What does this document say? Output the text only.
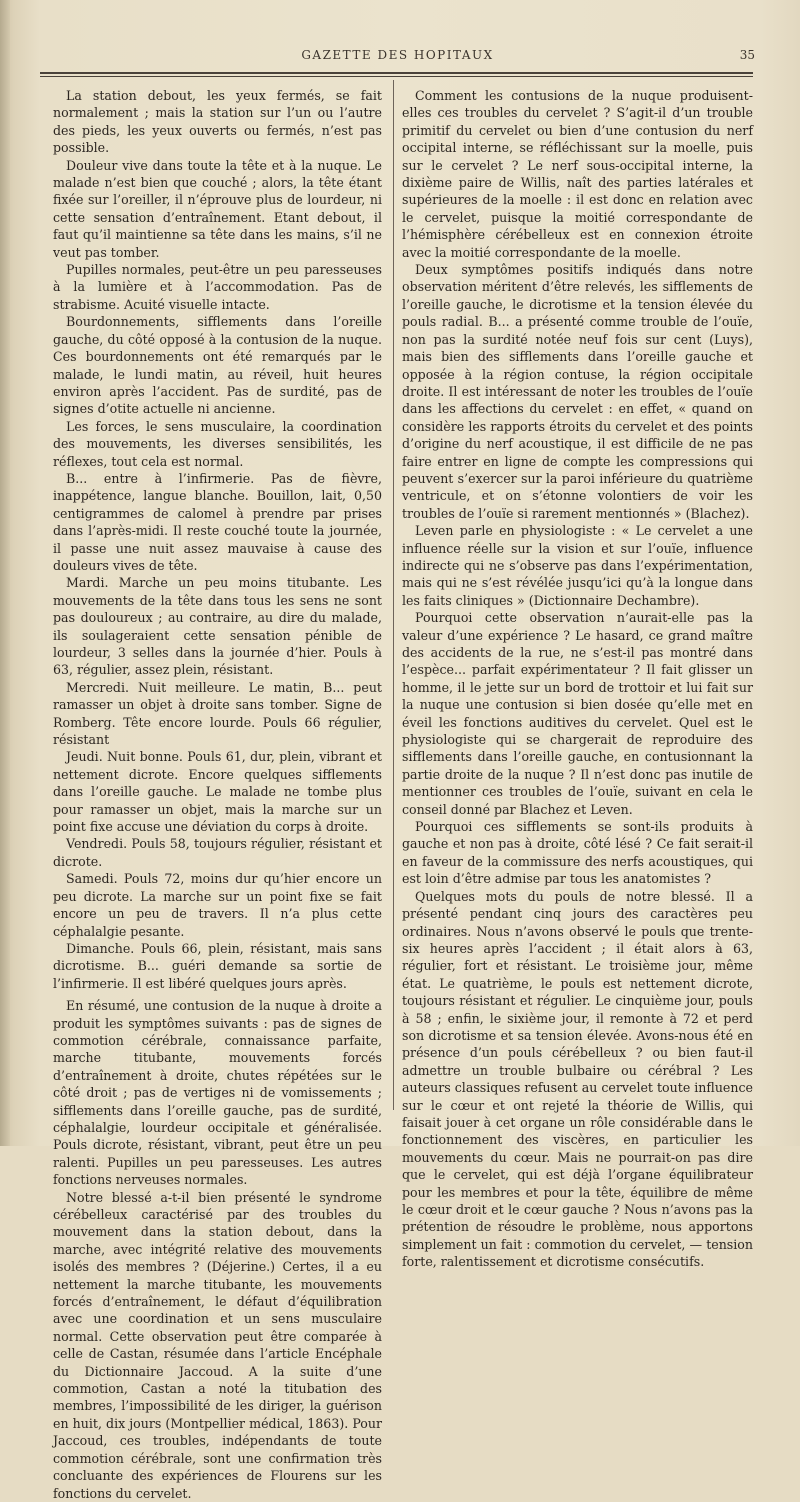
GAZETTE DES HOPITAUX	35

La station debout, les yeux fermés, se fait normalement ; mais la station sur l’un ou l’autre des pieds, les yeux ouverts ou fermés, n’est pas possible.

Douleur vive dans toute la tête et à la nuque. Le malade n’est bien que couché ; alors, la tête étant fixée sur l’oreiller, il n’éprouve plus de lourdeur, ni cette sensation d’entraînement. Etant debout, il faut qu’il maintienne sa tête dans les mains, s’il ne veut pas tomber.

Pupilles normales, peut-être un peu paresseuses à la lumière et à l’accommodation. Pas de strabisme. Acuité visuelle intacte.

Bourdonnements, sifflements dans l’oreille gauche, du côté opposé à la contusion de la nuque. Ces bourdonnements ont été remarqués par le malade, le lundi matin, au réveil, huit heures environ après l’accident. Pas de surdité, pas de signes d’otite actuelle ni ancienne.

Les forces, le sens musculaire, la coordination des mouvements, les diverses sensibilités, les réflexes, tout cela est normal.

B... entre à l’infirmerie. Pas de fièvre, inappétence, langue blanche. Bouillon, lait, 0,50 centigrammes de calomel à prendre par prises dans l’après-midi. Il reste couché toute la journée, il passe une nuit assez mauvaise à cause des douleurs vives de tête.

Mardi. Marche un peu moins titubante. Les mouvements de la tête dans tous les sens ne sont pas douloureux ; au contraire, au dire du malade, ils soulageraient cette sensation pénible de lourdeur, 3 selles dans la journée d’hier. Pouls à 63, régulier, assez plein, résistant.

Mercredi. Nuit meilleure. Le matin, B... peut ramasser un objet à droite sans tomber. Signe de Romberg. Tête encore lourde. Pouls 66 régulier, résistant

Jeudi. Nuit bonne. Pouls 61, dur, plein, vibrant et nettement dicrote. Encore quelques sifflements dans l’oreille gauche. Le malade ne tombe plus pour ramasser un objet, mais la marche sur un point fixe accuse une déviation du corps à droite.

Vendredi. Pouls 58, toujours régulier, résistant et dicrote.

Samedi. Pouls 72, moins dur qu’hier encore un peu dicrote. La marche sur un point fixe se fait encore un peu de travers. Il n’a plus cette céphalalgie pesante.

Dimanche. Pouls 66, plein, résistant, mais sans dicrotisme. B... guéri demande sa sortie de l’infirmerie. Il est libéré quelques jours après.

En résumé, une contusion de la nuque à droite a produit les symptômes suivants : pas de signes de commotion cérébrale, connaissance parfaite, marche titubante, mouvements forcés d’entraînement à droite, chutes répétées sur le côté droit ; pas de vertiges ni de vomissements ; sifflements dans l’oreille gauche, pas de surdité, céphalalgie, lourdeur occipitale et généralisée. Pouls dicrote, résistant, vibrant, peut être un peu ralenti. Pupilles un peu paresseuses. Les autres fonctions nerveuses normales.

Notre blessé a-t-il bien présenté le syndrome cérébelleux caractérisé par des troubles du mouvement dans la station debout, dans la marche, avec intégrité relative des mouvements isolés des membres ? (Déjerine.) Certes, il a eu nettement la marche titubante, les mouvements forcés d’entraînement, le défaut d’équilibration avec une coordination et un sens musculaire normal. Cette observation peut être comparée à celle de Castan, résumée dans l’article Encéphale du Dictionnaire Jaccoud. A la suite d’une commotion, Castan a noté la titubation des membres, l’impossibilité de les diriger, la guérison en huit, dix jours (Montpellier médical, 1863). Pour Jaccoud, ces troubles, indépendants de toute commotion cérébrale, sont une confirmation très concluante des expériences de Flourens sur les fonctions du cervelet.

Comment les contusions de la nuque produisent-elles ces troubles du cervelet ? S’agit-il d’un trouble primitif du cervelet ou bien d’une contusion du nerf occipital interne, se réfléchissant sur la moelle, puis sur le cervelet ? Le nerf sous-occipital interne, la dixième paire de Willis, naît des parties latérales et supérieures de la moelle : il est donc en relation avec le cervelet, puisque la moitié correspondante de l’hémisphère cérébelleux est en connexion étroite avec la moitié correspondante de la moelle.

Deux symptômes positifs indiqués dans notre observation méritent d’être relevés, les sifflements de l’oreille gauche, le dicrotisme et la tension élevée du pouls radial. B... a présenté comme trouble de l’ouïe, non pas la surdité notée neuf fois sur cent (Luys), mais bien des sifflements dans l’oreille gauche et opposée à la région contuse, la région occipitale droite. Il est intéressant de noter les troubles de l’ouïe dans les affections du cervelet : en effet, « quand on considère les rapports étroits du cervelet et des points d’origine du nerf acoustique, il est difficile de ne pas faire entrer en ligne de compte les compressions qui peuvent s’exercer sur la paroi inférieure du quatrième ventricule, et on s’étonne volontiers de voir les troubles de l’ouïe si rarement mentionnés » (Blachez).

Leven parle en physiologiste : « Le cervelet a une influence réelle sur la vision et sur l’ouïe, influence indirecte qui ne s’observe pas dans l’expérimentation, mais qui ne s’est révélée jusqu’ici qu’à la longue dans les faits cliniques » (Dictionnaire Dechambre).

Pourquoi cette observation n’aurait-elle pas la valeur d’une expérience ? Le hasard, ce grand maître des accidents de la rue, ne s’est-il pas montré dans l’espèce... parfait expérimentateur ? Il fait glisser un homme, il le jette sur un bord de trottoir et lui fait sur la nuque une contusion si bien dosée qu’elle met en éveil les fonctions auditives du cervelet. Quel est le physiologiste qui se chargerait de reproduire des sifflements dans l’oreille gauche, en contusionnant la partie droite de la nuque ? Il n’est donc pas inutile de mentionner ces troubles de l’ouïe, suivant en cela le conseil donné par Blachez et Leven.

Pourquoi ces sifflements se sont-ils produits à gauche et non pas à droite, côté lésé ? Ce fait serait-il en faveur de la commissure des nerfs acoustiques, qui est loin d’être admise par tous les anatomistes ?

Quelques mots du pouls de notre blessé. Il a présenté pendant cinq jours des caractères peu ordinaires. Nous n’avons observé le pouls que trente-six heures après l’accident ; il était alors à 63, régulier, fort et résistant. Le troisième jour, même état. Le quatrième, le pouls est nettement dicrote, toujours résistant et régulier. Le cinquième jour, pouls à 58 ; enfin, le sixième jour, il remonte à 72 et perd son dicrotisme et sa tension élevée. Avons-nous été en présence d’un pouls cérébelleux ? ou bien faut-il admettre un trouble bulbaire ou cérébral ? Les auteurs classiques refusent au cervelet toute influence sur le cœur et ont rejeté la théorie de Willis, qui faisait jouer à cet organe un rôle considérable dans le fonctionnement des viscères, en particulier les mouvements du cœur. Mais ne pourrait-on pas dire que le cervelet, qui est déjà l’organe équilibrateur pour les membres et pour la tête, équilibre de même le cœur droit et le cœur gauche ? Nous n’avons pas la prétention de résoudre le problème, nous apportons simplement un fait : commotion du cervelet, — tension forte, ralentissement et dicrotisme consécutifs.
